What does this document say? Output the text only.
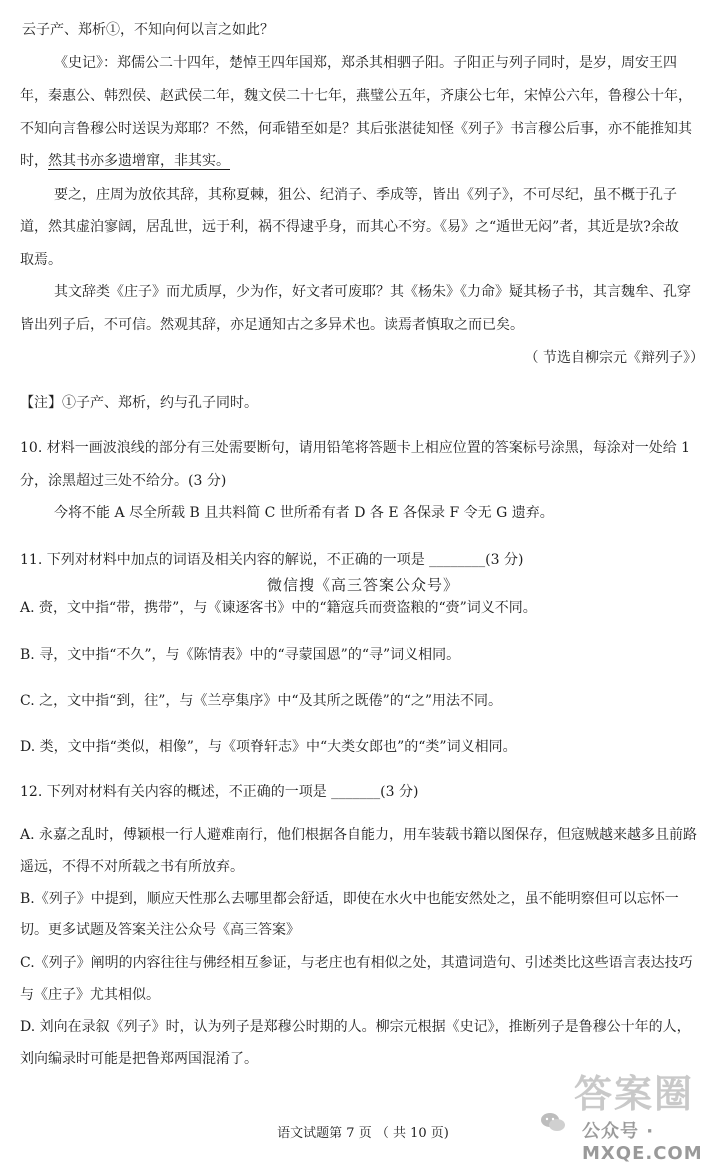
云子产、郑析①，不知向何以言之如此？
《史记》：郑儒公二十四年，楚悼王四年国郑，郑杀其相驷子阳。子阳正与列子同时，是岁，周安王四
年，秦惠公、韩烈侯、赵武侯二年，魏文侯二十七年，燕璧公五年，齐康公七年，宋悼公六年，鲁穆公十年，
不知向言鲁穆公时送误为郑耶？不然，何乖错至如是？其后张湛徒知怪《列子》书言穆公后事，亦不能推知其
时，然其书亦多遗增窜，非其实。
要之，庄周为放依其辞，其称夏棘，狙公、纪消子、季成等，皆出《列子》，不可尽纪，虽不概于孔子
道，然其虚泊寥阔，居乱世，远于利，祸不得逮乎身，而其心不穷。《易》之“遁世无闷”者，其近是欤?余故
取焉。
其文辞类《庄子》而尤质厚，少为作，好文者可废耶？其《杨朱》《力命》疑其杨子书，其言魏牟、孔穿
皆出列子后，不可信。然观其辞，亦足通知古之多异术也。读焉者慎取之而已矣。
（ 节选自柳宗元《辩列子》）
【注】①子产、郑析，约与孔子同时。
10. 材料一画波浪线的部分有三处需要断句，请用铅笔将答题卡上相应位置的答案标号涂黑，每涂对一处给 1
分，涂黑超过三处不给分。(3 分)
今将不能 A 尽全所载 B 且共料简 C 世所希有者 D 各 E 各保录 F 令无 G 遗弃。
11. 下列对材料中加点的词语及相关内容的解说，不正确的一项是 ________(3 分)
微信搜《高三答案公众号》
A. 赍，文中指“带，携带”，与《谏逐客书》中的“籍寇兵而赍盗粮的“赍”词义不同。
B. 寻，文中指“不久”，与《陈情表》中的“寻蒙国恩”的“寻”词义相同。
C. 之，文中指“到，往”，与《兰亭集序》中“及其所之既倦”的“之”用法不同。
D. 类，文中指“类似，相像”，与《项脊轩志》中“大类女郎也”的“类”词义相同。
12. 下列对材料有关内容的概述，不正确的一项是 _______(3 分)
A. 永嘉之乱时，傅颖根一行人避难南行，他们根据各自能力，用车装载书籍以图保存，但寇贼越来越多且前路
遥远，不得不对所载之书有所放弃。
B.《列子》中提到，顺应天性那么去哪里都会舒适，即使在水火中也能安然处之，虽不能明察但可以忘怀一
切。更多试题及答案关注公众号《高三答案》
C.《列子》阐明的内容往往与佛经相互参证，与老庄也有相似之处，其遣词造句、引述类比这些语言表达技巧
与《庄子》尤其相似。
D. 刘向在录叙《列子》时，认为列子是郑穆公时期的人。柳宗元根据《史记》，推断列子是鲁穆公十年的人，
刘向编录时可能是把鲁郑两国混淆了。
语文试题第 7 页 （ 共 10 页)
答案圈
公众号 · MXQE.COM
